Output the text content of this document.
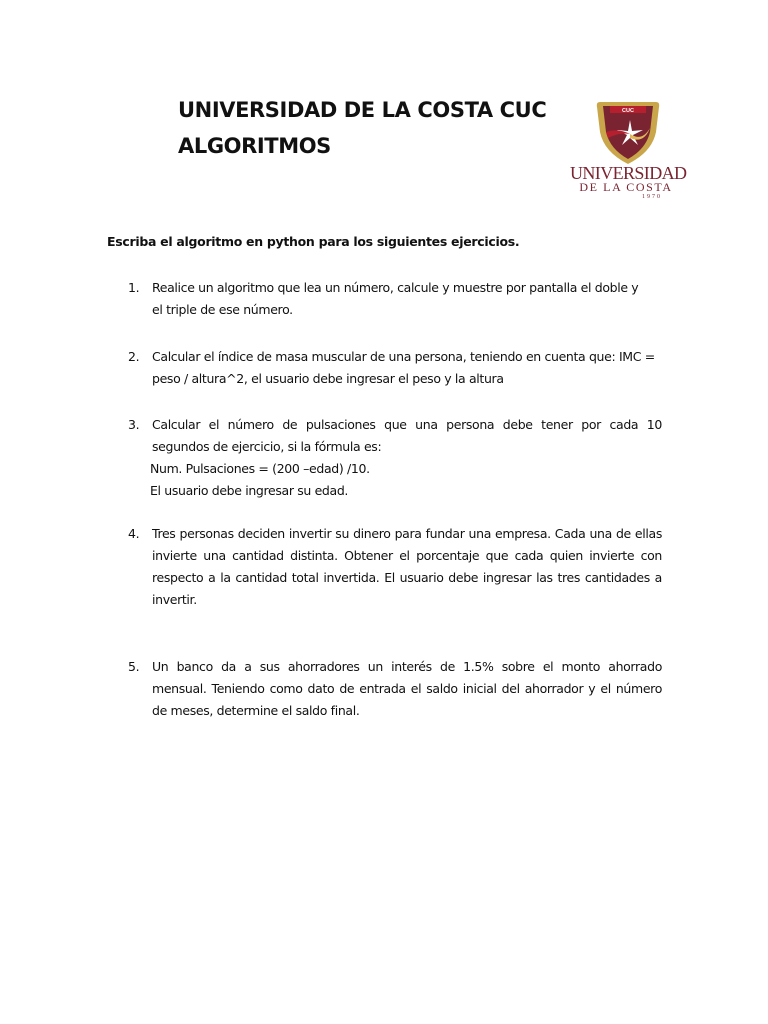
UNIVERSIDAD DE LA COSTA CUC
ALGORITMOS
CUC
UNIVERSIDAD
DE LA COSTA
1970
Escriba el algoritmo en python para los siguientes ejercicios.
1.	Realice un algoritmo que lea un número, calcule y muestre por pantalla el doble y
el triple de ese número.
2.	Calcular el índice de masa muscular de una persona, teniendo en cuenta que: IMC =
peso / altura^2, el usuario debe ingresar el peso y la altura
3.	Calcular el número de pulsaciones que una persona debe tener por cada 10
segundos de ejercicio, si la fórmula es:
Num. Pulsaciones = (200 –edad) /10.
El usuario debe ingresar su edad.
4.	Tres personas deciden invertir su dinero para fundar una empresa. Cada una de ellas
invierte una cantidad distinta. Obtener el porcentaje que cada quien invierte con
respecto a la cantidad total invertida. El usuario debe ingresar las tres cantidades a
invertir.
5.	Un banco da a sus ahorradores un interés de 1.5% sobre el monto ahorrado
mensual. Teniendo como dato de entrada el saldo inicial del ahorrador y el número
de meses, determine el saldo final.
